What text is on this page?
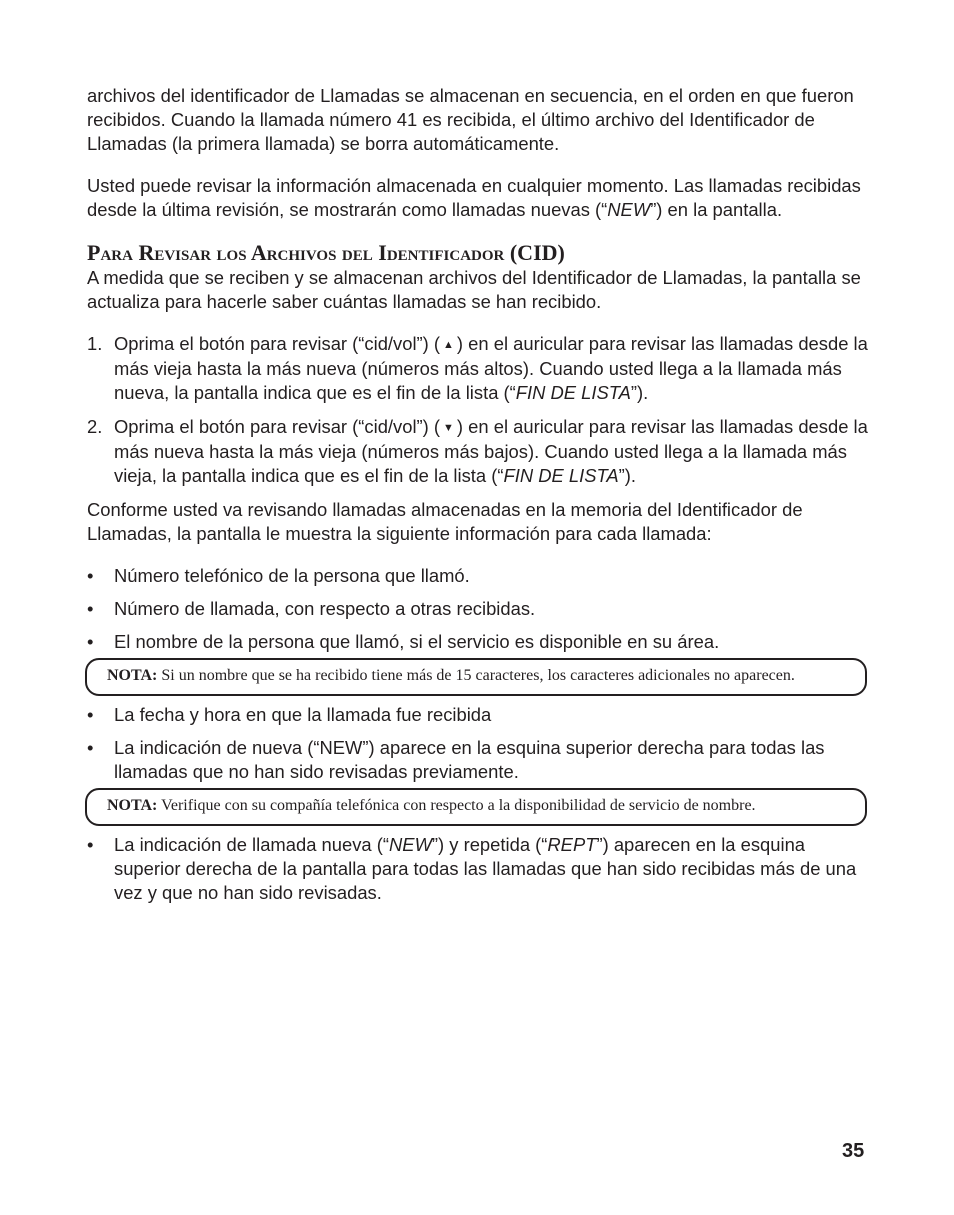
archivos del identificador de Llamadas se almacenan en secuencia, en el orden en que fueron recibidos. Cuando la llamada número 41 es recibida, el último archivo del Identificador de Llamadas (la primera llamada) se borra automáticamente.

Usted puede revisar la información almacenada en cualquier momento. Las llamadas recibidas desde la última revisión, se mostrarán como llamadas nuevas (“NEW”) en la pantalla.

Para Revisar los Archivos del Identificador (CID)

A medida que se reciben y se almacenan archivos del Identificador de Llamadas, la pantalla se actualiza para hacerle saber cuántas llamadas se han recibido.

1. Oprima el botón para revisar (“cid/vol”) ( ▲ ) en el auricular para revisar las llamadas desde la más vieja hasta la más nueva (números más altos). Cuando usted llega a la llamada más nueva, la pantalla indica que es el fin de la lista (“FIN DE LISTA”).
2. Oprima el botón para revisar (“cid/vol”) ( ▼ ) en el auricular para revisar las llamadas desde la más nueva hasta la más vieja (números más bajos). Cuando usted llega a la llamada más vieja, la pantalla indica que es el fin de la lista (“FIN DE LISTA”).

Conforme usted va revisando llamadas almacenadas en la memoria del Identificador de Llamadas, la pantalla le muestra la siguiente información para cada llamada:

• Número telefónico de la persona que llamó.
• Número de llamada, con respecto a otras recibidas.
• El nombre de la persona que llamó, si el servicio es disponible en su área.
NOTA: Si un nombre que se ha recibido tiene más de 15 caracteres, los caracteres adicionales no aparecen.
• La fecha y hora en que la llamada fue recibida
• La indicación de nueva (“NEW”) aparece en la esquina superior derecha para todas las llamadas que no han sido revisadas previamente.
NOTA: Verifique con su compañía telefónica con respecto a la disponibilidad de servicio de nombre.
• La indicación de llamada nueva (“NEW”) y repetida (“REPT”) aparecen en la esquina superior derecha de la pantalla para todas las llamadas que han sido recibidas más de una vez y que no han sido revisadas.
35
